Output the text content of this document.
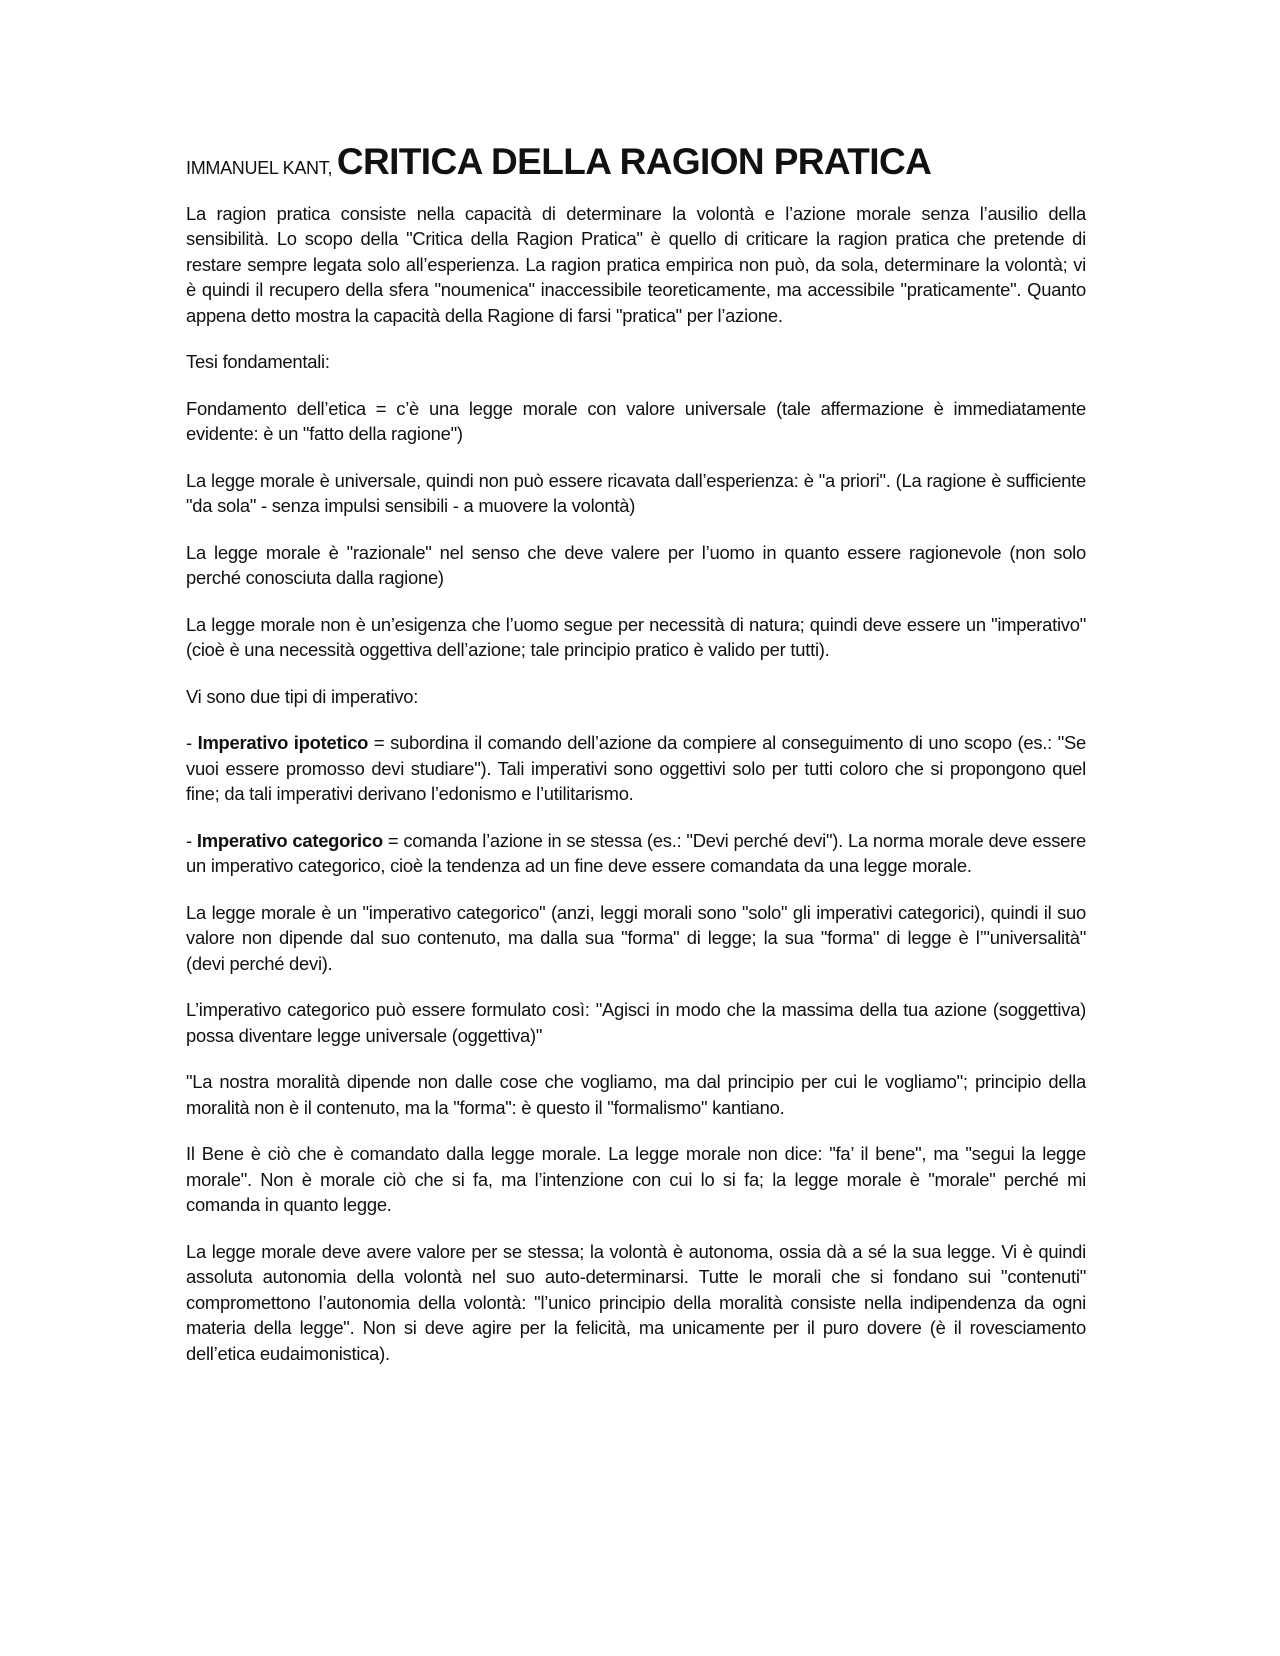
IMMANUEL KANT, CRITICA DELLA RAGION PRATICA

La ragion pratica consiste nella capacità di determinare la volontà e l’azione morale senza l’ausilio della sensibilità. Lo scopo della "Critica della Ragion Pratica" è quello di criticare la ragion pratica che pretende di restare sempre legata solo all’esperienza. La ragion pratica empirica non può, da sola, determinare la volontà; vi è quindi il recupero della sfera "noumenica" inaccessibile teoreticamente, ma accessibile "praticamente". Quanto appena detto mostra la capacità della Ragione di farsi "pratica" per l’azione.

Tesi fondamentali:

Fondamento dell’etica = c’è una legge morale con valore universale (tale affermazione è immediatamente evidente: è un "fatto della ragione")

La legge morale è universale, quindi non può essere ricavata dall’esperienza: è "a priori". (La ragione è sufficiente "da sola" - senza impulsi sensibili - a muovere la volontà)

La legge morale è "razionale" nel senso che deve valere per l’uomo in quanto essere ragionevole (non solo perché conosciuta dalla ragione)

La legge morale non è un’esigenza che l’uomo segue per necessità di natura; quindi deve essere un "imperativo" (cioè è una necessità oggettiva dell’azione; tale principio pratico è valido per tutti).

Vi sono due tipi di imperativo:

- Imperativo ipotetico = subordina il comando dell’azione da compiere al conseguimento di uno scopo (es.: "Se vuoi essere promosso devi studiare"). Tali imperativi sono oggettivi solo per tutti coloro che si propongono quel fine; da tali imperativi derivano l’edonismo e l’utilitarismo.

- Imperativo categorico = comanda l’azione in se stessa (es.: "Devi perché devi"). La norma morale deve essere un imperativo categorico, cioè la tendenza ad un fine deve essere comandata da una legge morale.

La legge morale è un "imperativo categorico" (anzi, leggi morali sono "solo" gli imperativi categorici), quindi il suo valore non dipende dal suo contenuto, ma dalla sua "forma" di legge; la sua "forma" di legge è l’"universalità" (devi perché devi).

L’imperativo categorico può essere formulato così: "Agisci in modo che la massima della tua azione (soggettiva) possa diventare legge universale (oggettiva)"

"La nostra moralità dipende non dalle cose che vogliamo, ma dal principio per cui le vogliamo"; principio della moralità non è il contenuto, ma la "forma": è questo il "formalismo" kantiano.

Il Bene è ciò che è comandato dalla legge morale. La legge morale non dice: "fa’ il bene", ma "segui la legge morale". Non è morale ciò che si fa, ma l’intenzione con cui lo si fa; la legge morale è "morale" perché mi comanda in quanto legge.

La legge morale deve avere valore per se stessa; la volontà è autonoma, ossia dà a sé la sua legge. Vi è quindi assoluta autonomia della volontà nel suo auto-determinarsi. Tutte le morali che si fondano sui "contenuti" compromettono l’autonomia della volontà: "l’unico principio della moralità consiste nella indipendenza da ogni materia della legge". Non si deve agire per la felicità, ma unicamente per il puro dovere (è il rovesciamento dell’etica eudaimonistica).
